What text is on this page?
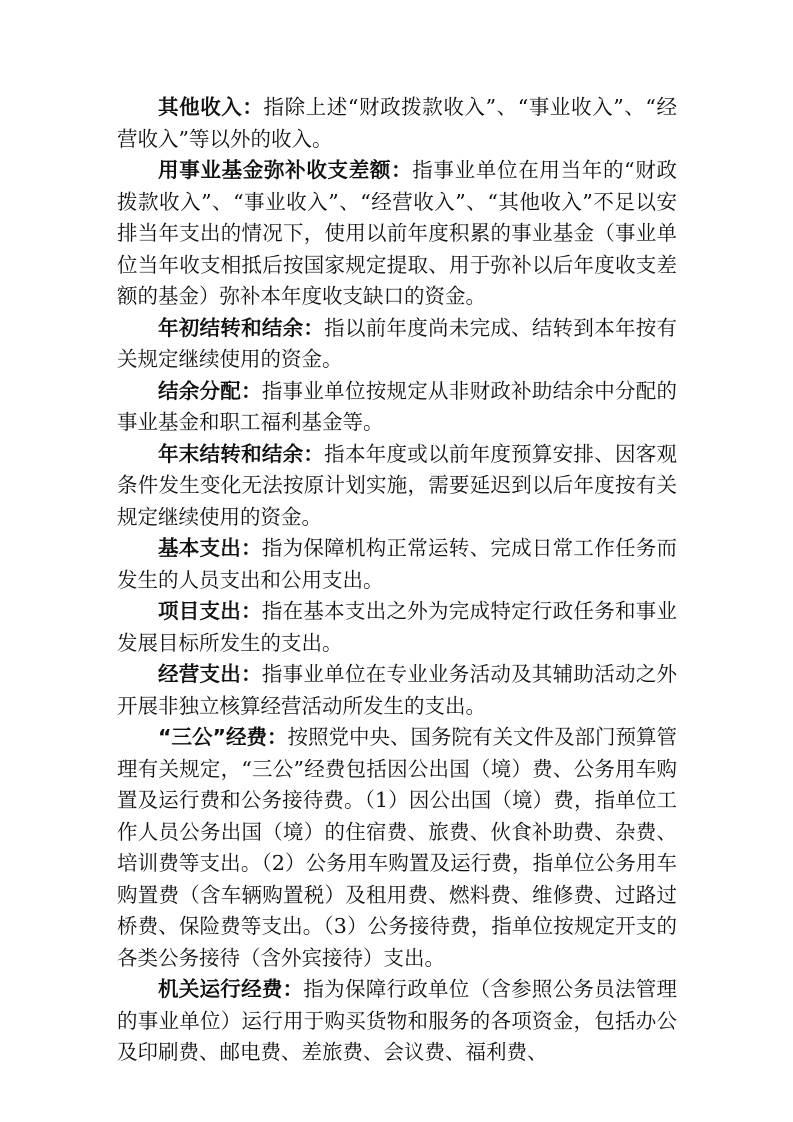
其他收入：指除上述“财政拨款收入”、“事业收入”、“经营收入”等以外的收入。

用事业基金弥补收支差额：指事业单位在用当年的“财政拨款收入”、“事业收入”、“经营收入”、“其他收入”不足以安排当年支出的情况下，使用以前年度积累的事业基金（事业单位当年收支相抵后按国家规定提取、用于弥补以后年度收支差额的基金）弥补本年度收支缺口的资金。

年初结转和结余：指以前年度尚未完成、结转到本年按有关规定继续使用的资金。

结余分配：指事业单位按规定从非财政补助结余中分配的事业基金和职工福利基金等。

年末结转和结余：指本年度或以前年度预算安排、因客观条件发生变化无法按原计划实施，需要延迟到以后年度按有关规定继续使用的资金。

基本支出：指为保障机构正常运转、完成日常工作任务而发生的人员支出和公用支出。

项目支出：指在基本支出之外为完成特定行政任务和事业发展目标所发生的支出。

经营支出：指事业单位在专业业务活动及其辅助活动之外开展非独立核算经营活动所发生的支出。

“三公”经费：按照党中央、国务院有关文件及部门预算管理有关规定，“三公”经费包括因公出国（境）费、公务用车购置及运行费和公务接待费。（1）因公出国（境）费，指单位工作人员公务出国（境）的住宿费、旅费、伙食补助费、杂费、培训费等支出。（2）公务用车购置及运行费，指单位公务用车购置费（含车辆购置税）及租用费、燃料费、维修费、过路过桥费、保险费等支出。（3）公务接待费，指单位按规定开支的各类公务接待（含外宾接待）支出。

机关运行经费：指为保障行政单位（含参照公务员法管理的事业单位）运行用于购买货物和服务的各项资金，包括办公及印刷费、邮电费、差旅费、会议费、福利费、
